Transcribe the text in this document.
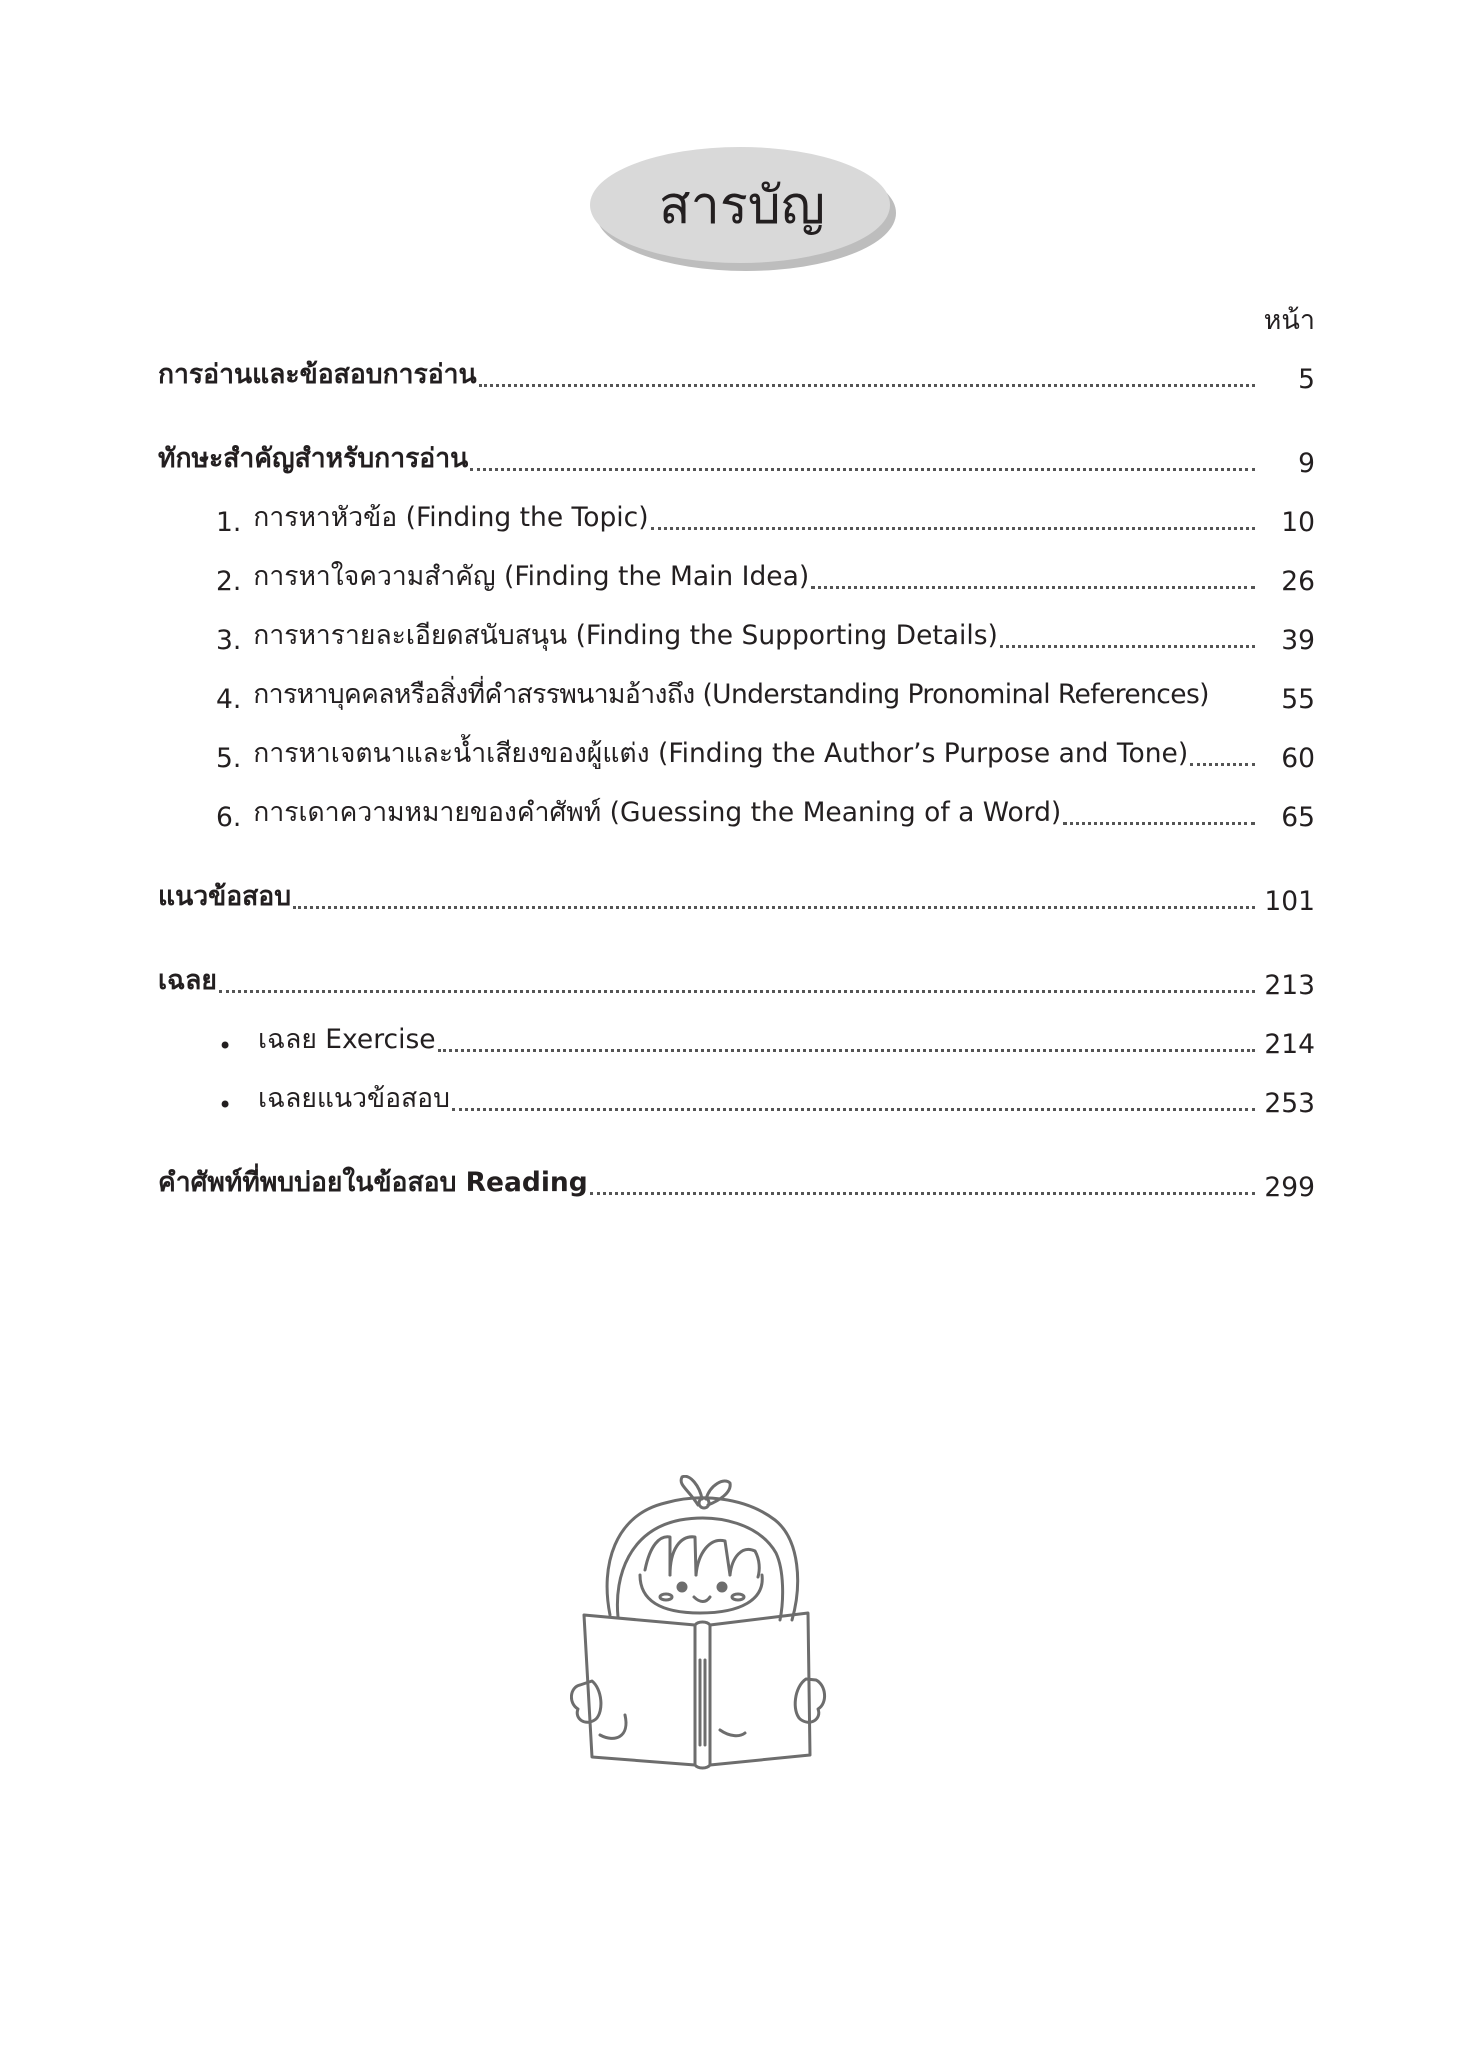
สารบัญ
หน้า
การอ่านและข้อสอบการอ่าน	5
ทักษะสำคัญสำหรับการอ่าน	9
1. การหาหัวข้อ (Finding the Topic)	10
2. การหาใจความสำคัญ (Finding the Main Idea)	26
3. การหารายละเอียดสนับสนุน (Finding the Supporting Details)	39
4. การหาบุคคลหรือสิ่งที่คำสรรพนามอ้างถึง (Understanding Pronominal References)	55
5. การหาเจตนาและน้ำเสียงของผู้แต่ง (Finding the Author’s Purpose and Tone)	60
6. การเดาความหมายของคำศัพท์ (Guessing the Meaning of a Word)	65
แนวข้อสอบ	101
เฉลย	213
• เฉลย Exercise	214
• เฉลยแนวข้อสอบ	253
คำศัพท์ที่พบบ่อยในข้อสอบ Reading	299
